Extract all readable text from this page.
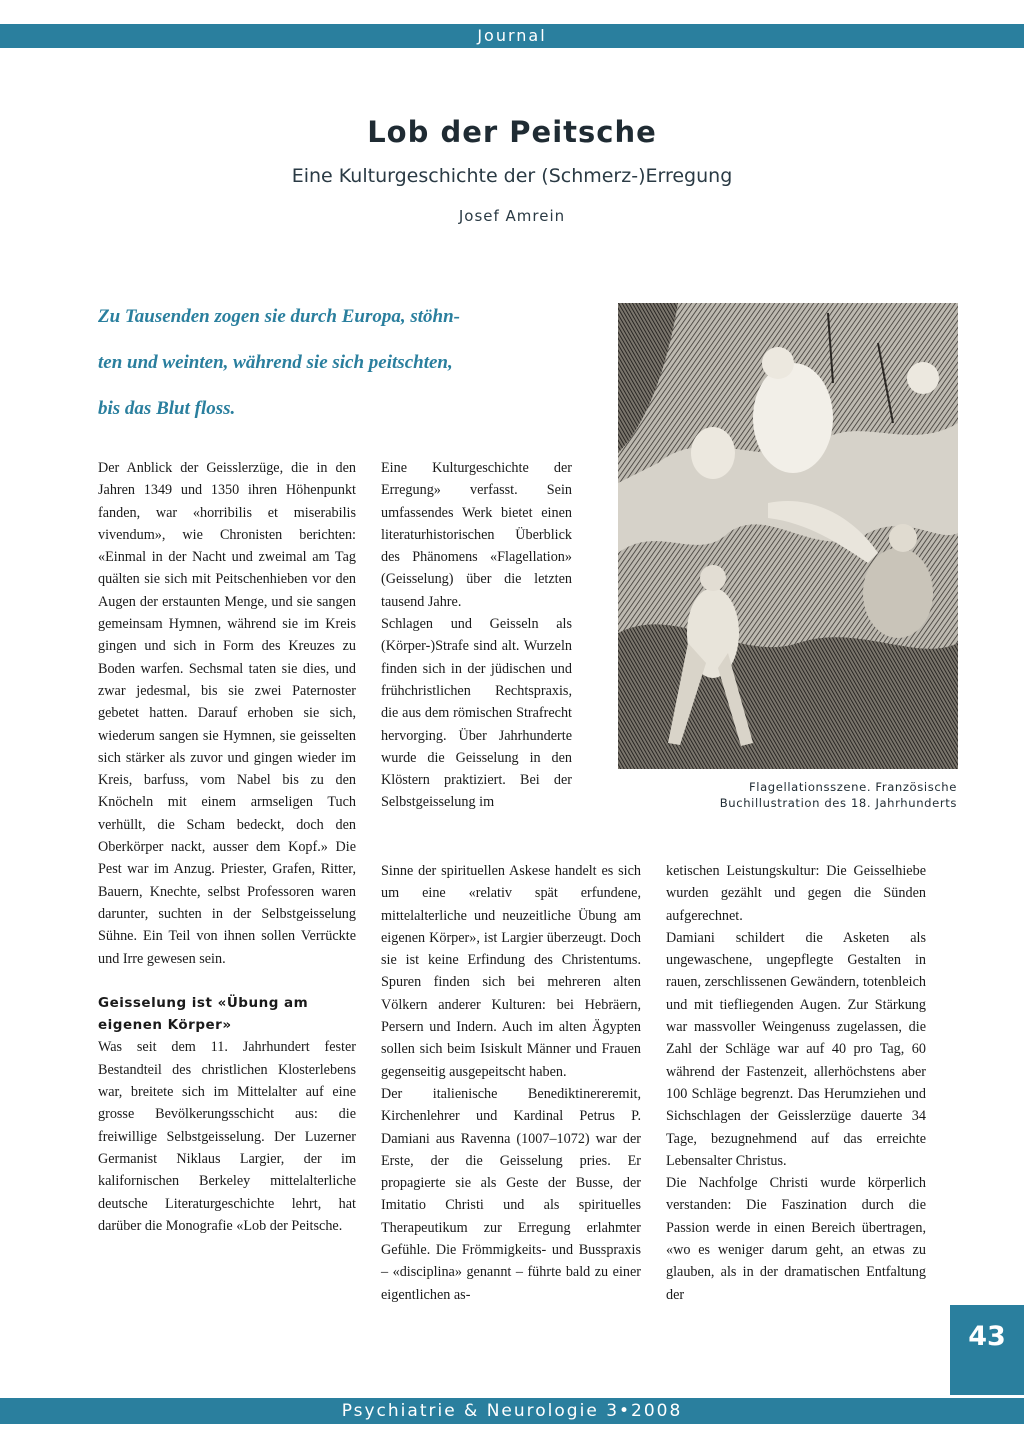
Journal
Lob der Peitsche
Eine Kulturgeschichte der (Schmerz-)Erregung
Josef Amrein
Zu Tausenden zogen sie durch Europa, stöhn-
ten und weinten, während sie sich peitschten,
bis das Blut floss.

Der Anblick der Geisslerzüge, die in den Jahren 1349 und 1350 ihren Höhenpunkt fanden, war «horribilis et miserabilis vivendum», wie Chronisten berichten: «Einmal in der Nacht und zweimal am Tag quälten sie sich mit Peitschenhieben vor den Augen der erstaunten Menge, und sie sangen gemeinsam Hymnen, während sie im Kreis gingen und sich in Form des Kreuzes zu Boden warfen. Sechsmal taten sie dies, und zwar jedesmal, bis sie zwei Paternoster gebetet hatten. Darauf erhoben sie sich, wiederum sangen sie Hymnen, sie geisselten sich stärker als zuvor und gingen wieder im Kreis, barfuss, vom Nabel bis zu den Knöcheln mit einem armseligen Tuch verhüllt, die Scham bedeckt, doch den Oberkörper nackt, ausser dem Kopf.» Die Pest war im Anzug. Priester, Grafen, Ritter, Bauern, Knechte, selbst Professoren waren darunter, suchten in der Selbstgeisselung Sühne. Ein Teil von ihnen sollen Verrückte und Irre gewesen sein.

Geisselung ist «Übung am eigenen Körper»

Was seit dem 11. Jahrhundert fester Bestandteil des christlichen Klosterlebens war, breitete sich im Mittelalter auf eine grosse Bevölkerungsschicht aus: die freiwillige Selbstgeisselung. Der Luzerner Germanist Niklaus Largier, der im kalifornischen Berkeley mittelalterliche deutsche Literaturgeschichte lehrt, hat darüber die Monografie «Lob der Peitsche.

Eine Kulturgeschichte der Erregung» verfasst. Sein umfassendes Werk bietet einen literaturhistorischen Überblick des Phänomens «Flagellation» (Geisselung) über die letzten tausend Jahre.

Schlagen und Geisseln als (Körper-)Strafe sind alt. Wurzeln finden sich in der jüdischen und frühchristlichen Rechtspraxis, die aus dem römischen Strafrecht hervorging. Über Jahrhunderte wurde die Geisselung in den Klöstern praktiziert. Bei der Selbstgeisselung im

Sinne der spirituellen Askese handelt es sich um eine «relativ spät erfundene, mittelalterliche und neuzeitliche Übung am eigenen Körper», ist Largier überzeugt. Doch sie ist keine Erfindung des Christentums. Spuren finden sich bei mehreren alten Völkern anderer Kulturen: bei Hebräern, Persern und Indern. Auch im alten Ägypten sollen sich beim Isiskult Männer und Frauen gegenseitig ausgepeitscht haben.

Der italienische Benediktinereremit, Kirchenlehrer und Kardinal Petrus P. Damiani aus Ravenna (1007–1072) war der Erste, der die Geisselung pries. Er propagierte sie als Geste der Busse, der Imitatio Christi und als spirituelles Therapeutikum zur Erregung erlahmter Gefühle. Die Frömmigkeits- und Busspraxis – «disciplina» genannt – führte bald zu einer eigentlichen as-

ketischen Leistungskultur: Die Geisselhiebe wurden gezählt und gegen die Sünden aufgerechnet.

Damiani schildert die Asketen als ungewaschene, ungepflegte Gestalten in rauen, zerschlissenen Gewändern, totenbleich und mit tiefliegenden Augen. Zur Stärkung war massvoller Weingenuss zugelassen, die Zahl der Schläge war auf 40 pro Tag, 60 während der Fastenzeit, allerhöchstens aber 100 Schläge begrenzt. Das Herumziehen und Sichschlagen der Geisslerzüge dauerte 34 Tage, bezugnehmend auf das erreichte Lebensalter Christus.

Die Nachfolge Christi wurde körperlich verstanden: Die Faszination durch die Passion werde in einen Bereich übertragen, «wo es weniger darum geht, an etwas zu glauben, als in der dramatischen Entfaltung der

Flagellationsszene. Französische
Buchillustration des 18. Jahrhunderts
43
Psychiatrie & Neurologie 3•2008
